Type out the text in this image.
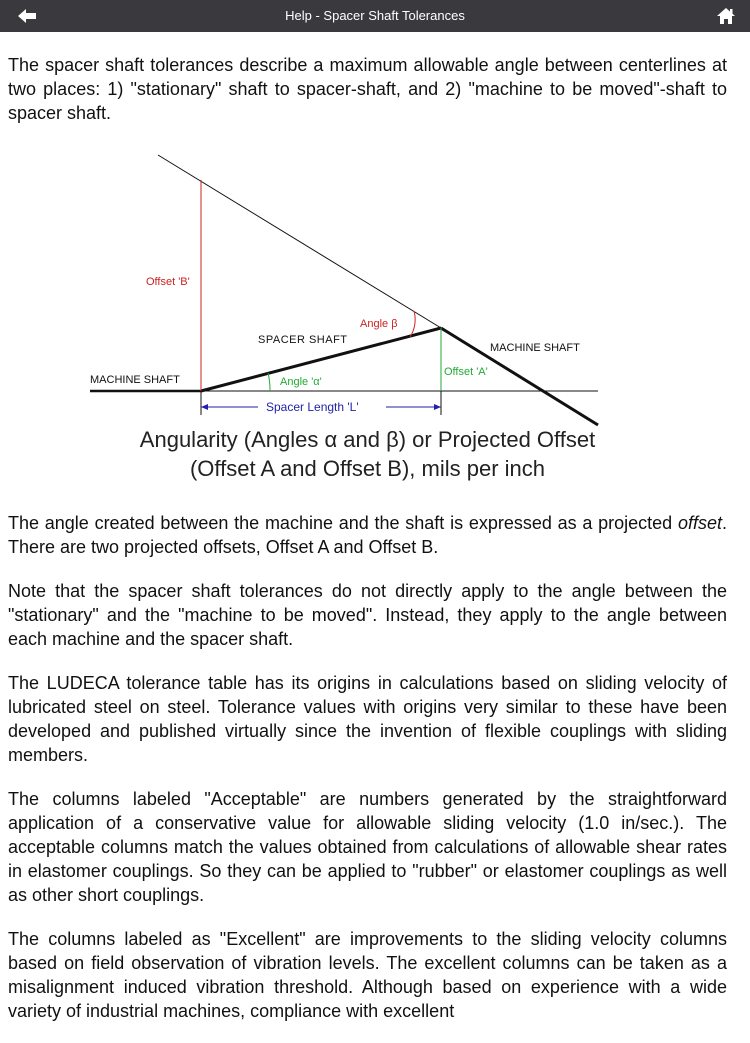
Help - Spacer Shaft Tolerances

The spacer shaft tolerances describe a maximum allowable angle between centerlines at two places: 1) "stationary" shaft to spacer-shaft, and 2) "machine to be moved"-shaft to spacer shaft.

Offset 'B'
Angle β
SPACER SHAFT
MACHINE SHAFT
MACHINE SHAFT	Angle 'α'
Offset 'A'
Spacer Length 'L'
Angularity (Angles α and β) or Projected Offset
(Offset A and Offset B), mils per inch

The angle created between the machine and the shaft is expressed as a projected offset. There are two projected offsets, Offset A and Offset B.

Note that the spacer shaft tolerances do not directly apply to the angle between the "stationary" and the "machine to be moved". Instead, they apply to the angle between each machine and the spacer shaft.

The LUDECA tolerance table has its origins in calculations based on sliding velocity of lubricated steel on steel. Tolerance values with origins very similar to these have been developed and published virtually since the invention of flexible couplings with sliding members.

The columns labeled "Acceptable" are numbers generated by the straightforward application of a conservative value for allowable sliding velocity (1.0 in/sec.). The acceptable columns match the values obtained from calculations of allowable shear rates in elastomer couplings. So they can be applied to "rubber" or elastomer couplings as well as other short couplings.

The columns labeled as "Excellent" are improvements to the sliding velocity columns based on field observation of vibration levels. The excellent columns can be taken as a misalignment induced vibration threshold. Although based on experience with a wide variety of industrial machines, compliance with excellent
